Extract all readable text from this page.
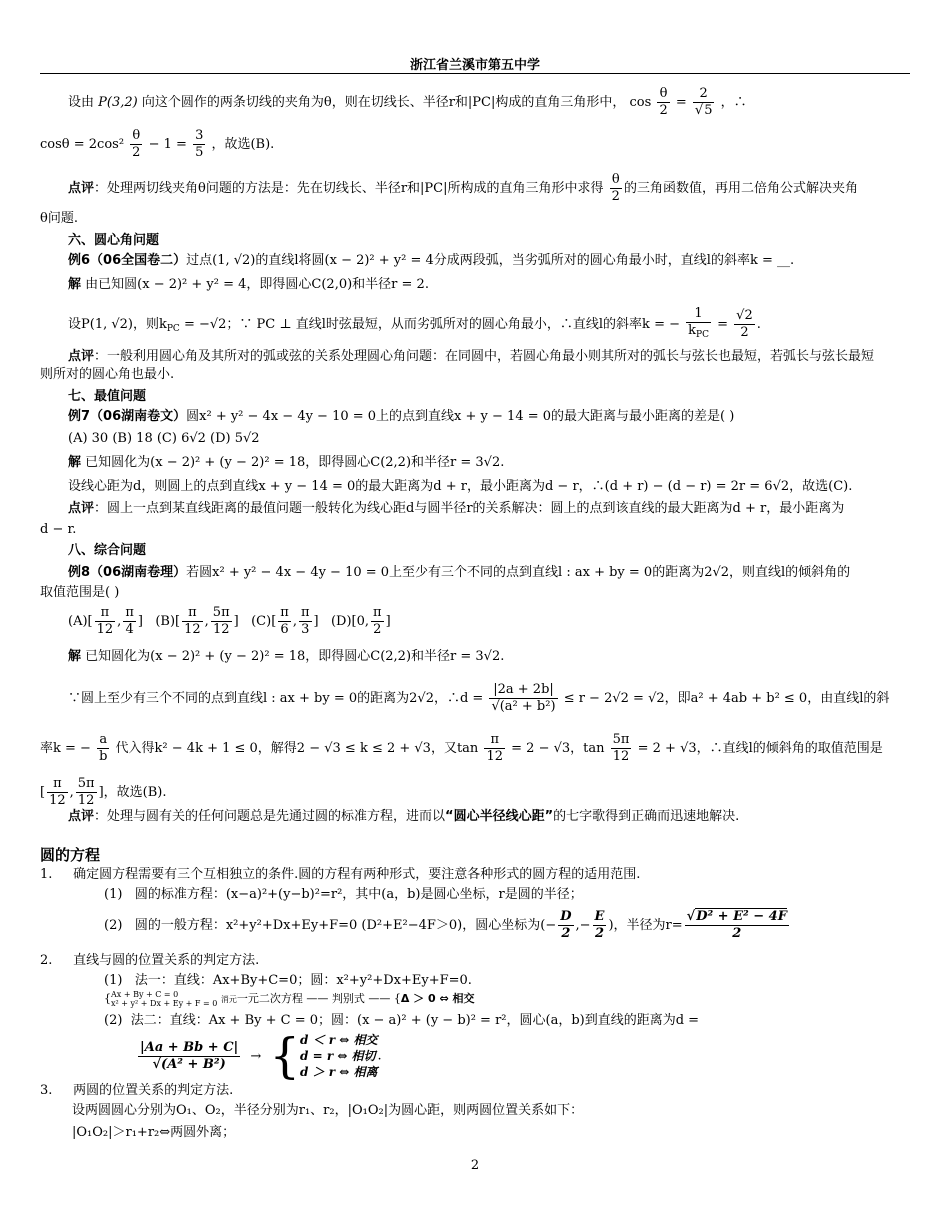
浙江省兰溪市第五中学
设由 P(3,2) 向这个圆作的两条切线的夹角为θ，则在切线长、半径r和|PC|构成的直角三角形中， $\cos \frac{\theta}{2} = \frac{2}{√5}$ ，∴
$\cos\theta = 2\cos^2 \frac{\theta}{2} - 1 = \frac{3}{5}$ ，故选(B).
点评：处理两切线夹角θ问题的方法是：先在切线长、半径r和|PC|所构成的直角三角形中求得 $\frac{\theta}{2}$ 的三角函数值，再用二倍角公式解决夹角
θ问题.
六、圆心角问题
例6（06全国卷二）过点(1, √2)的直线l将圆(x − 2)² + y² = 4分成两段弧，当劣弧所对的圆心角最小时，直线l的斜率k = __.
解 由已知圆(x − 2)² + y² = 4，即得圆心C(2,0)和半径r = 2.
设P(1, √2)，则$k_{PC} = -√2$；∵ PC ⊥ 直线l时弦最短，从而劣弧所对的圆心角最小，∴直线l的斜率k = − $\frac{1}{k_{PC}} = \frac{√2}{2}$ .
点评：一般利用圆心角及其所对的弧或弦的关系处理圆心角问题：在同圆中，若圆心角最小则其所对的弧长与弦长也最短，若弧长与弦长最短
则所对的圆心角也最小.
七、最值问题
例7（06湖南卷文）圆x² + y² − 4x − 4y − 10 = 0上的点到直线x + y − 14 = 0的最大距离与最小距离的差是( )
(A) 30 (B) 18 (C) 6√2 (D) 5√2
解 已知圆化为(x − 2)² + (y − 2)² = 18，即得圆心C(2,2)和半径r = 3√2.
设线心距为d，则圆上的点到直线x + y − 14 = 0的最大距离为d + r，最小距离为d − r，∴(d + r) − (d − r) = 2r = 6√2，故选(C).
点评：圆上一点到某直线距离的最值问题一般转化为线心距d与圆半径r的关系解决：圆上的点到该直线的最大距离为d + r，最小距离为
d − r.
八、综合问题
例8（06湖南卷理）若圆x² + y² − 4x − 4y − 10 = 0上至少有三个不同的点到直线l : ax + by = 0的距离为2√2，则直线l的倾斜角的
取值范围是( )
$(A)[ \frac{\pi}{12}$ , $\frac{\pi}{4}$ ]   $(B)[ \frac{\pi}{12}$ , $\frac{5\pi}{12}$ ]   $(C)[ \frac{\pi}{6}$ , $\frac{\pi}{3}$ ]   (D)[0, $\frac{\pi}{2}$ ]
解 已知圆化为(x − 2)² + (y − 2)² = 18，即得圆心C(2,2)和半径r = 3√2.
∵圆上至少有三个不同的点到直线l : ax + by = 0的距离为2√2，∴d = $\frac{|2a + 2b|}{\text{√(a² + b²)}} \le r - 2√2 = √2$，即a² + 4ab + b² ≤ 0，由直线l的斜
率k = − $\frac{a}{b}$ 代入得k² − 4k + 1 ≤ 0，解得2 − √3 ≤ k ≤ 2 + √3，又$\tan \frac{\pi}{12} = 2 - √3$，$\tan \frac{5\pi}{12} = 2 + √3$，∴直线l的倾斜角的取值范围是
[ $\frac{\pi}{12}$ , $\frac{5\pi}{12}$ ]，故选(B).
点评：处理与圆有关的任何问题总是先通过圆的标准方程，进而以“圆心半径线心距”的七字歌得到正确而迅速地解决.
圆的方程
1. 确定圆方程需要有三个互相独立的条件.圆的方程有两种形式，要注意各种形式的圆方程的适用范围.
(1) 圆的标准方程：(x−a)²+(y−b)²=r²，其中(a，b)是圆心坐标，r是圆的半径；
(2) 圆的一般方程：x²+y²+Dx+Ey+F=0 (D²+E²−4F＞0)，圆心坐标为(− $\frac{D}{2}$ ,− $\frac{E}{2}$ )，半径为$r= \frac{\text{√D² + E² − 4F}}{2}$
2. 直线与圆的位置关系的判定方法.
(1) 法一：直线：Ax+By+C=0；圆：x²+y²+Dx+Ey+F=0.
{ Ax + By + C = 0
x² + y² + Dx + Ey + F = 0 消元一元二次方程 —— 判别式 —— {Δ ＞ 0 ⇔ 相交
(2) 法二：直线：Ax + By + C = 0；圆：(x − a)² + (y − b)² = r²，圆心(a，b)到直线的距离为d =
$\frac{|Aa + Bb + C|}{\text{√(A² + B²)}}$ → { d ＜ r ⇔ 相交
d = r ⇔ 相切
d ＞ r ⇔ 相离
.
3. 两圆的位置关系的判定方法.
设两圆圆心分别为O₁、O₂，半径分别为r₁、r₂，|O₁O₂|为圆心距，则两圆位置关系如下：
|O₁O₂|＞r₁+r₂⇔两圆外离；
2
